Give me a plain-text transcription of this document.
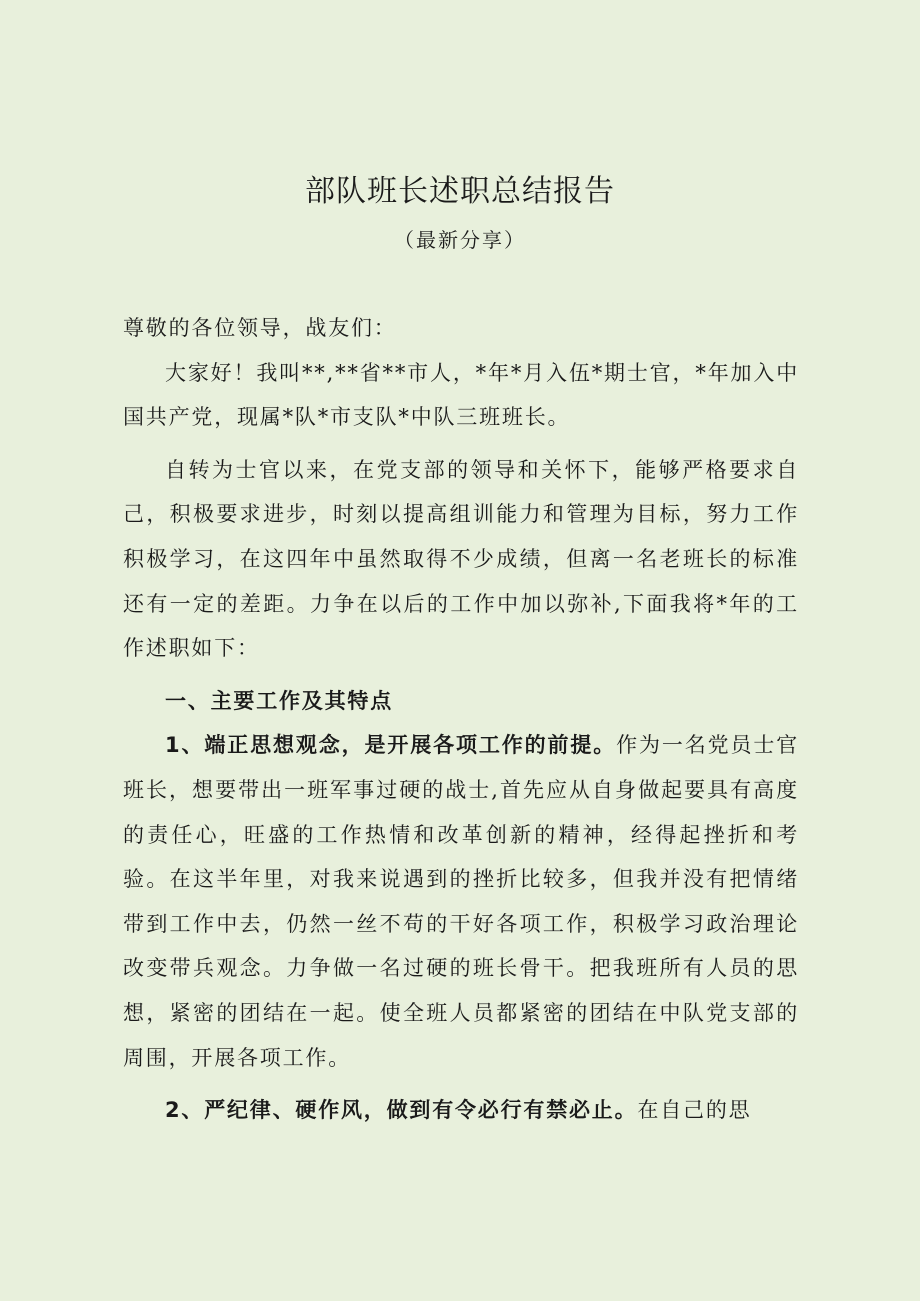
部队班长述职总结报告
（最新分享）

尊敬的各位领导，战友们：

大家好！我叫**,**省**市人，*年*月入伍*期士官，*年加入中国共产党，现属*队*市支队*中队三班班长。

自转为士官以来，在党支部的领导和关怀下，能够严格要求自己，积极要求进步，时刻以提高组训能力和管理为目标，努力工作积极学习，在这四年中虽然取得不少成绩，但离一名老班长的标准还有一定的差距。力争在以后的工作中加以弥补,下面我将*年的工作述职如下：

一、主要工作及其特点

1、端正思想观念，是开展各项工作的前提。作为一名党员士官班长，想要带出一班军事过硬的战士,首先应从自身做起要具有高度的责任心，旺盛的工作热情和改革创新的精神，经得起挫折和考验。在这半年里，对我来说遇到的挫折比较多，但我并没有把情绪带到工作中去，仍然一丝不苟的干好各项工作，积极学习政治理论改变带兵观念。力争做一名过硬的班长骨干。把我班所有人员的思想，紧密的团结在一起。使全班人员都紧密的团结在中队党支部的周围，开展各项工作。

2、严纪律、硬作风，做到有令必行有禁必止。在自己的思
